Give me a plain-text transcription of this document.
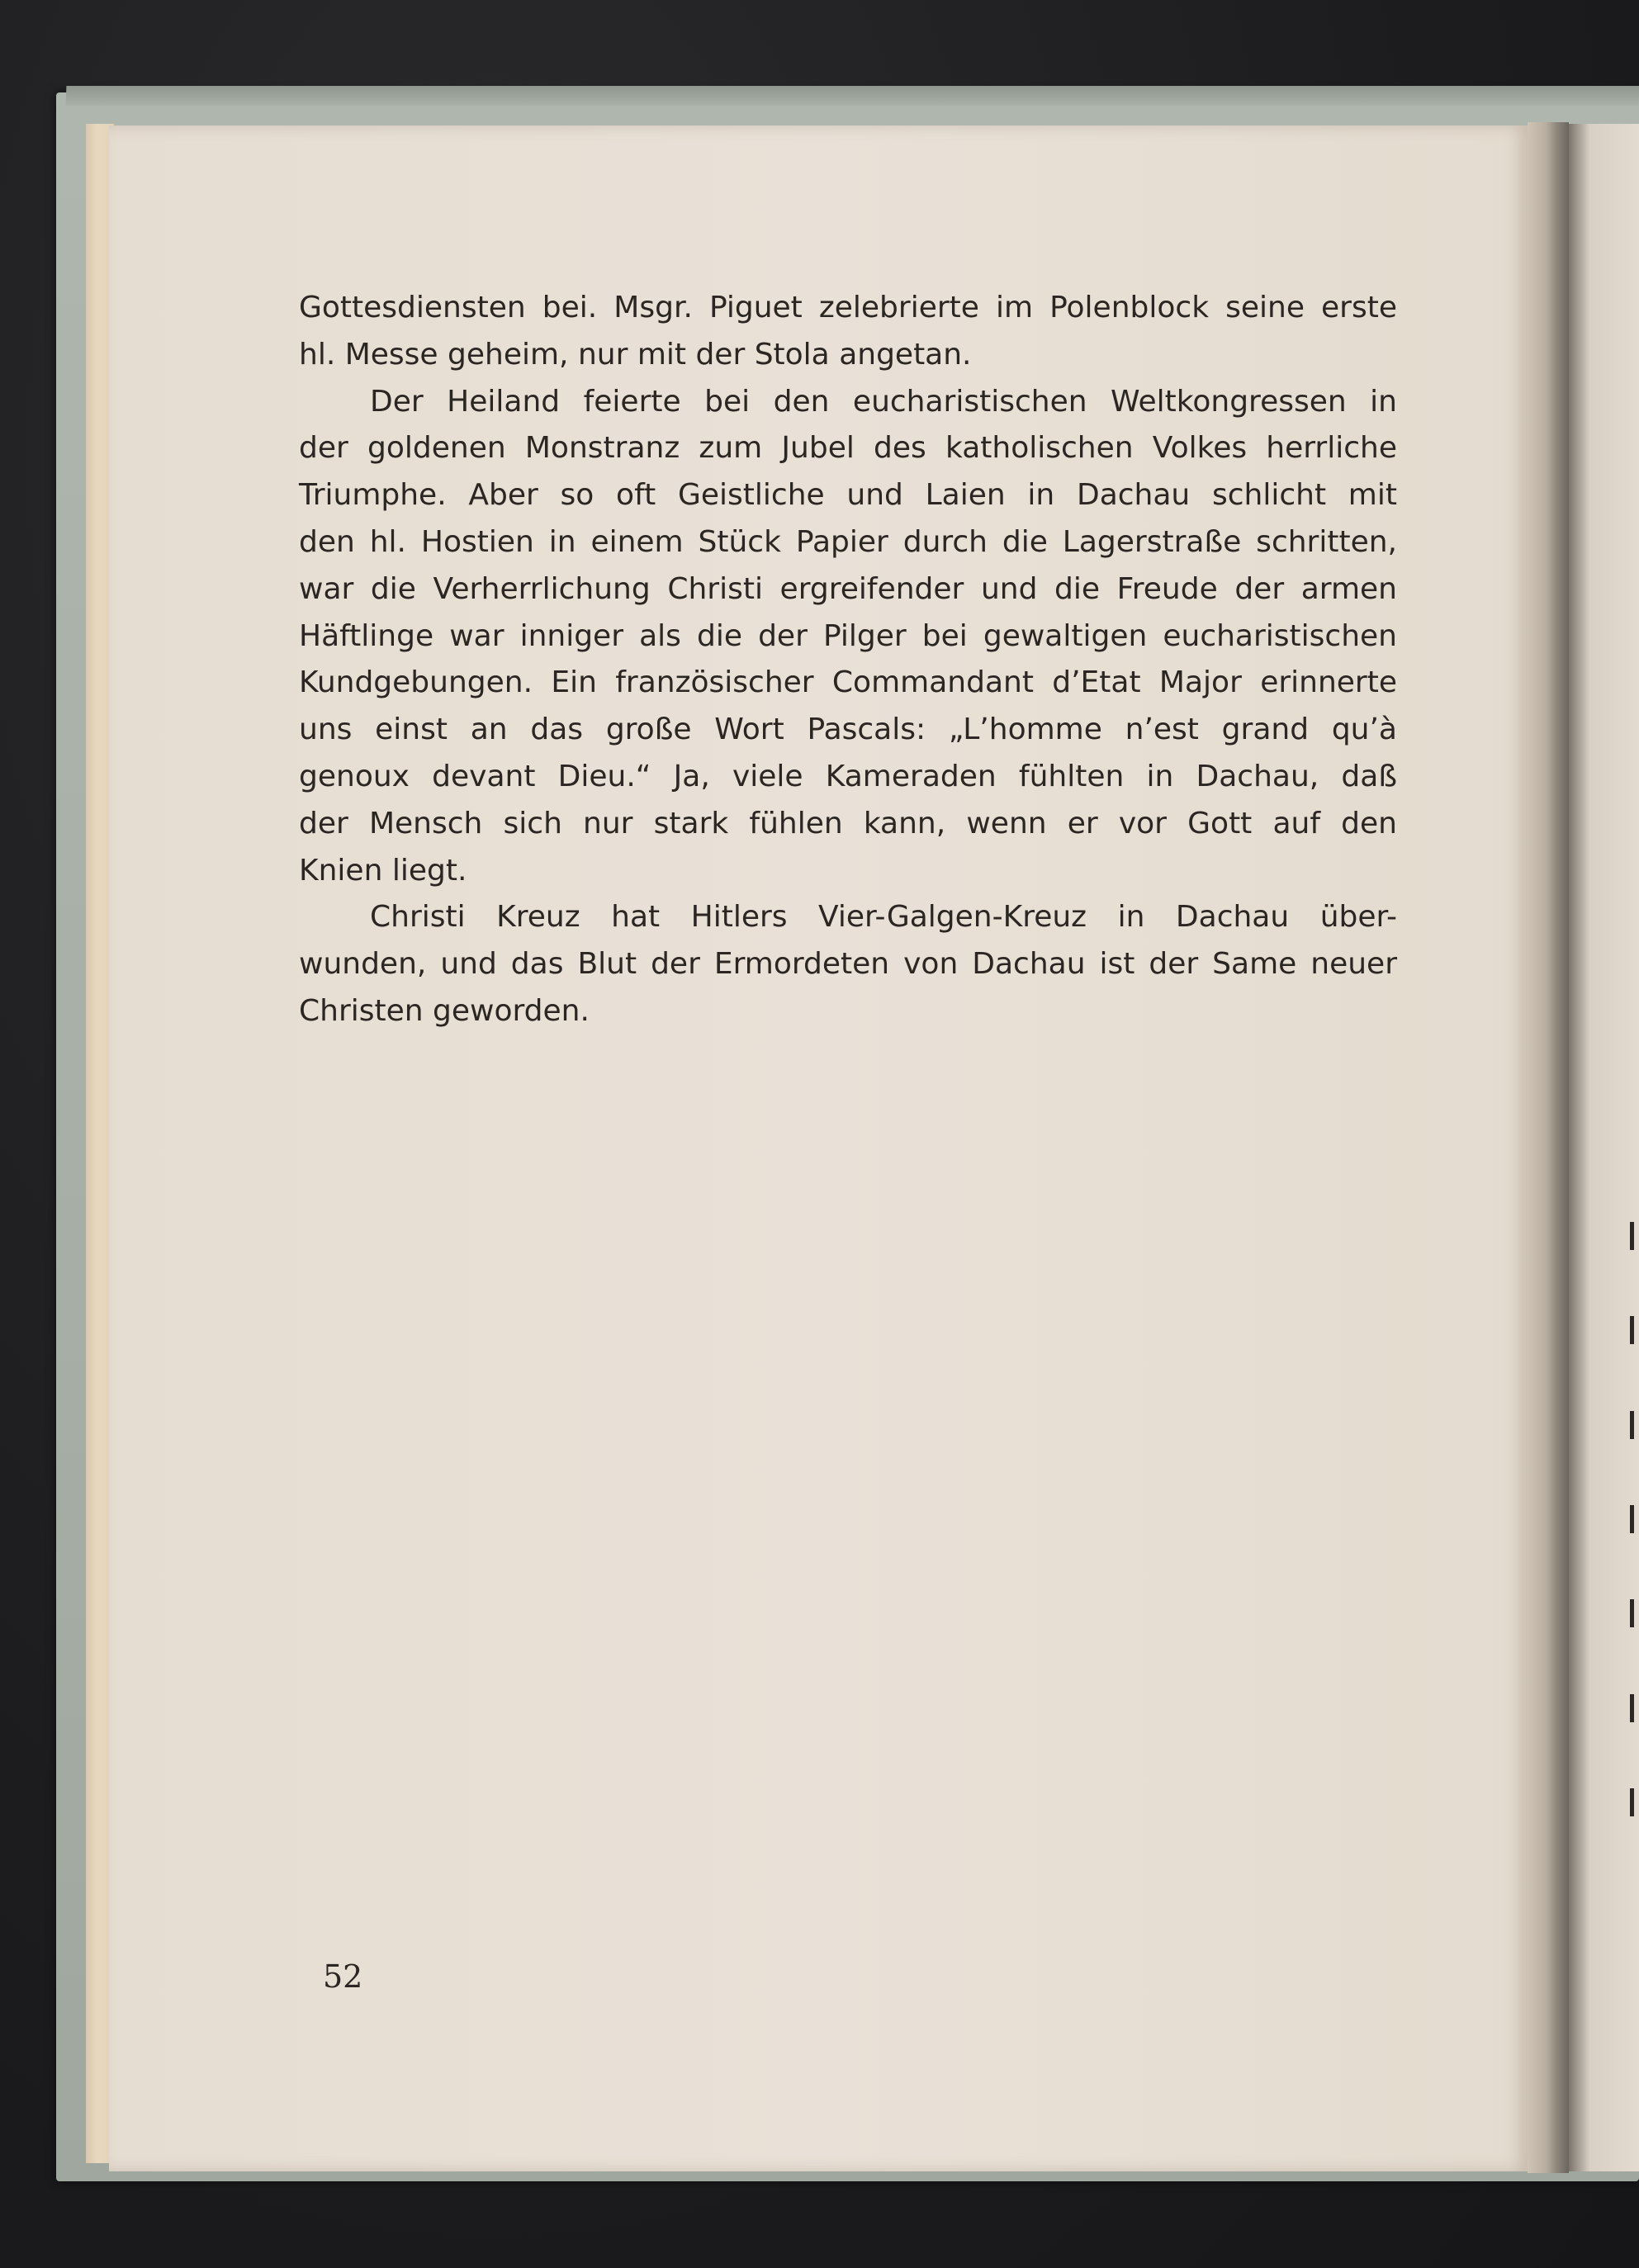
Gottesdiensten bei. Msgr. Piguet zelebrierte im Polenblock seine erste
hl. Messe geheim, nur mit der Stola angetan.
Der Heiland feierte bei den eucharistischen Weltkongressen in
der goldenen Monstranz zum Jubel des katholischen Volkes herrliche
Triumphe. Aber so oft Geistliche und Laien in Dachau schlicht mit
den hl. Hostien in einem Stück Papier durch die Lagerstraße schritten,
war die Verherrlichung Christi ergreifender und die Freude der armen
Häftlinge war inniger als die der Pilger bei gewaltigen eucharistischen
Kundgebungen. Ein französischer Commandant d’Etat Major erinnerte
uns einst an das große Wort Pascals: „L’homme n’est grand qu’à
genoux devant Dieu.“ Ja, viele Kameraden fühlten in Dachau, daß
der Mensch sich nur stark fühlen kann, wenn er vor Gott auf den
Knien liegt.
Christi Kreuz hat Hitlers Vier-Galgen-Kreuz in Dachau über-
wunden, und das Blut der Ermordeten von Dachau ist der Same neuer
Christen geworden.
52
